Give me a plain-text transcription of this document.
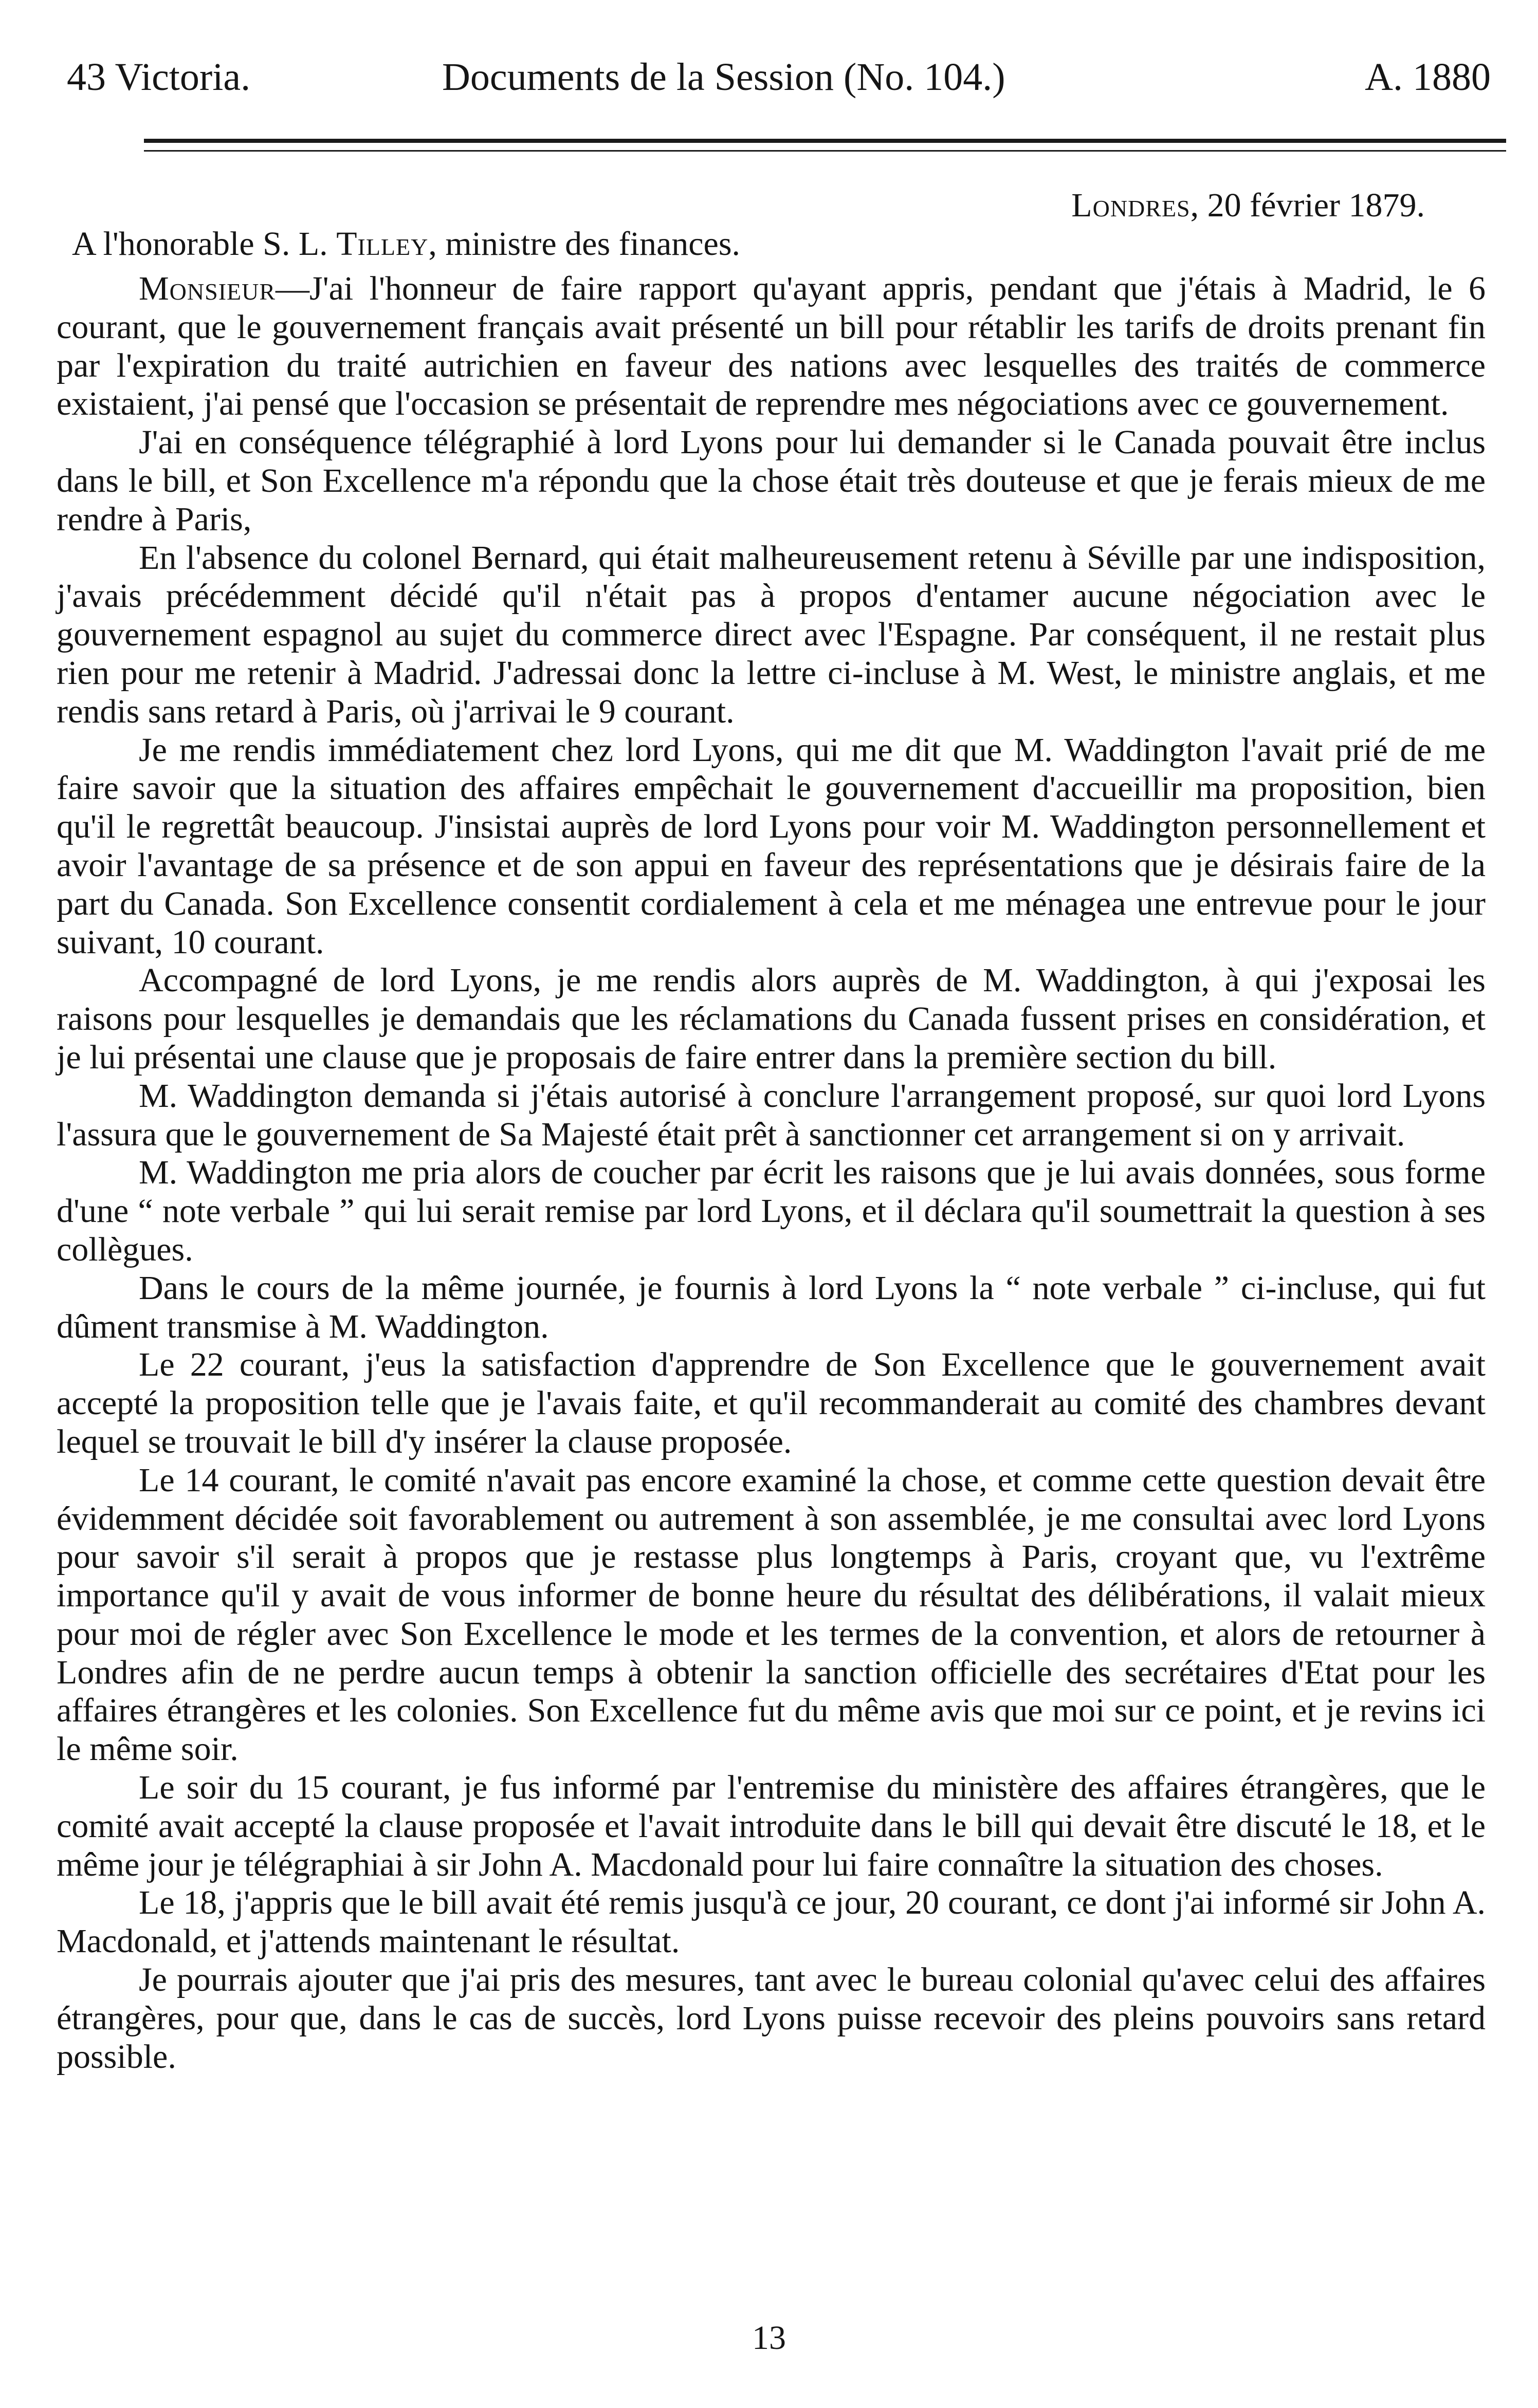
43 Victoria.	Documents de la Session (No. 104.)	A. 1880
Londres, 20 février 1879.
A l'honorable S. L. Tilley, ministre des finances.

Monsieur—J'ai l'honneur de faire rapport qu'ayant appris, pendant que j'étais à Madrid, le 6 courant, que le gouvernement français avait présenté un bill pour rétablir les tarifs de droits prenant fin par l'expiration du traité autrichien en faveur des nations avec lesquelles des traités de commerce existaient, j'ai pensé que l'occasion se présentait de reprendre mes négociations avec ce gouvernement.

J'ai en conséquence télégraphié à lord Lyons pour lui demander si le Canada pouvait être inclus dans le bill, et Son Excellence m'a répondu que la chose était très douteuse et que je ferais mieux de me rendre à Paris,

En l'absence du colonel Bernard, qui était malheureusement retenu à Séville par une indisposition, j'avais précédemment décidé qu'il n'était pas à propos d'entamer aucune négociation avec le gouvernement espagnol au sujet du commerce direct avec l'Espagne. Par conséquent, il ne restait plus rien pour me retenir à Madrid. J'adressai donc la lettre ci-incluse à M. West, le ministre anglais, et me rendis sans retard à Paris, où j'arrivai le 9 courant.

Je me rendis immédiatement chez lord Lyons, qui me dit que M. Waddington l'avait prié de me faire savoir que la situation des affaires empêchait le gouvernement d'accueillir ma proposition, bien qu'il le regrettât beaucoup. J'insistai auprès de lord Lyons pour voir M. Waddington personnellement et avoir l'avantage de sa présence et de son appui en faveur des représentations que je désirais faire de la part du Canada. Son Excellence consentit cordialement à cela et me ménagea une entrevue pour le jour suivant, 10 courant.

Accompagné de lord Lyons, je me rendis alors auprès de M. Waddington, à qui j'exposai les raisons pour lesquelles je demandais que les réclamations du Canada fussent prises en considération, et je lui présentai une clause que je proposais de faire entrer dans la première section du bill.

M. Waddington demanda si j'étais autorisé à conclure l'arrangement proposé, sur quoi lord Lyons l'assura que le gouvernement de Sa Majesté était prêt à sanctionner cet arrangement si on y arrivait.

M. Waddington me pria alors de coucher par écrit les raisons que je lui avais données, sous forme d'une “ note verbale ” qui lui serait remise par lord Lyons, et il déclara qu'il soumettrait la question à ses collègues.

Dans le cours de la même journée, je fournis à lord Lyons la “ note verbale ” ci-incluse, qui fut dûment transmise à M. Waddington.

Le 22 courant, j'eus la satisfaction d'apprendre de Son Excellence que le gouvernement avait accepté la proposition telle que je l'avais faite, et qu'il recommanderait au comité des chambres devant lequel se trouvait le bill d'y insérer la clause proposée.

Le 14 courant, le comité n'avait pas encore examiné la chose, et comme cette question devait être évidemment décidée soit favorablement ou autrement à son assemblée, je me consultai avec lord Lyons pour savoir s'il serait à propos que je restasse plus longtemps à Paris, croyant que, vu l'extrême importance qu'il y avait de vous informer de bonne heure du résultat des délibérations, il valait mieux pour moi de régler avec Son Excellence le mode et les termes de la convention, et alors de retourner à Londres afin de ne perdre aucun temps à obtenir la sanction officielle des secrétaires d'Etat pour les affaires étrangères et les colonies. Son Excellence fut du même avis que moi sur ce point, et je revins ici le même soir.

Le soir du 15 courant, je fus informé par l'entremise du ministère des affaires étrangères, que le comité avait accepté la clause proposée et l'avait introduite dans le bill qui devait être discuté le 18, et le même jour je télégraphiai à sir John A. Macdonald pour lui faire connaître la situation des choses.

Le 18, j'appris que le bill avait été remis jusqu'à ce jour, 20 courant, ce dont j'ai informé sir John A. Macdonald, et j'attends maintenant le résultat.

Je pourrais ajouter que j'ai pris des mesures, tant avec le bureau colonial qu'avec celui des affaires étrangères, pour que, dans le cas de succès, lord Lyons puisse recevoir des pleins pouvoirs sans retard possible.

13
